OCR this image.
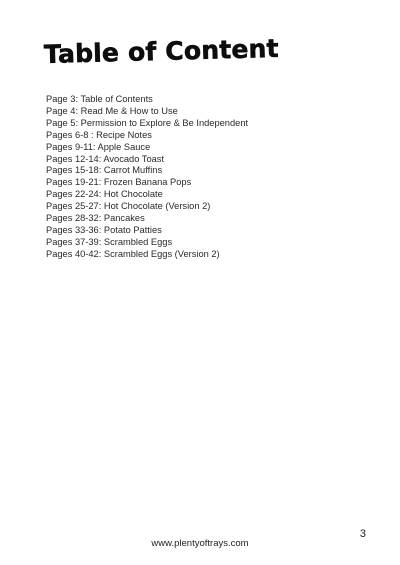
Table of Content
Page 3: Table of Contents
Page 4: Read Me & How to Use
Page 5: Permission to Explore & Be Independent
Pages 6-8 : Recipe Notes
Pages 9-11: Apple Sauce
Pages 12-14: Avocado Toast
Pages 15-18: Carrot Muffins
Pages 19-21: Frozen Banana Pops
Pages 22-24: Hot Chocolate
Pages 25-27: Hot Chocolate (Version 2)
Pages 28-32: Pancakes
Pages 33-36: Potato Patties
Pages 37-39: Scrambled Eggs
Pages 40-42: Scrambled Eggs (Version 2)
3
www.plentyoftrays.com
